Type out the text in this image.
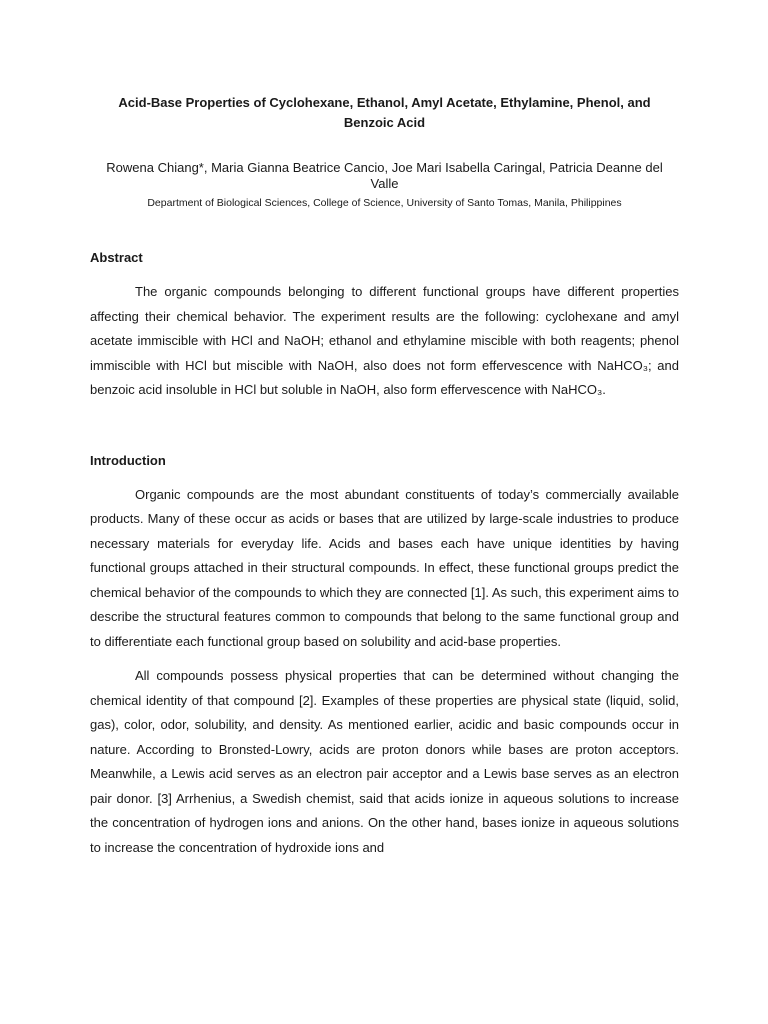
Acid-Base Properties of Cyclohexane, Ethanol, Amyl Acetate, Ethylamine, Phenol, and Benzoic Acid
Rowena Chiang*, Maria Gianna Beatrice Cancio, Joe Mari Isabella Caringal, Patricia Deanne del Valle
Department of Biological Sciences, College of Science, University of Santo Tomas, Manila, Philippines
Abstract

The organic compounds belonging to different functional groups have different properties affecting their chemical behavior. The experiment results are the following: cyclohexane and amyl acetate immiscible with HCl and NaOH; ethanol and ethylamine miscible with both reagents; phenol immiscible with HCl but miscible with NaOH, also does not form effervescence with NaHCO₃; and benzoic acid insoluble in HCl but soluble in NaOH, also form effervescence with NaHCO₃.

Introduction

Organic compounds are the most abundant constituents of today’s commercially available products. Many of these occur as acids or bases that are utilized by large-scale industries to produce necessary materials for everyday life. Acids and bases each have unique identities by having functional groups attached in their structural compounds. In effect, these functional groups predict the chemical behavior of the compounds to which they are connected [1]. As such, this experiment aims to describe the structural features common to compounds that belong to the same functional group and to differentiate each functional group based on solubility and acid-base properties.

All compounds possess physical properties that can be determined without changing the chemical identity of that compound [2]. Examples of these properties are physical state (liquid, solid, gas), color, odor, solubility, and density. As mentioned earlier, acidic and basic compounds occur in nature. According to Bronsted-Lowry, acids are proton donors while bases are proton acceptors. Meanwhile, a Lewis acid serves as an electron pair acceptor and a Lewis base serves as an electron pair donor. [3] Arrhenius, a Swedish chemist, said that acids ionize in aqueous solutions to increase the concentration of hydrogen ions and anions. On the other hand, bases ionize in aqueous solutions to increase the concentration of hydroxide ions and
